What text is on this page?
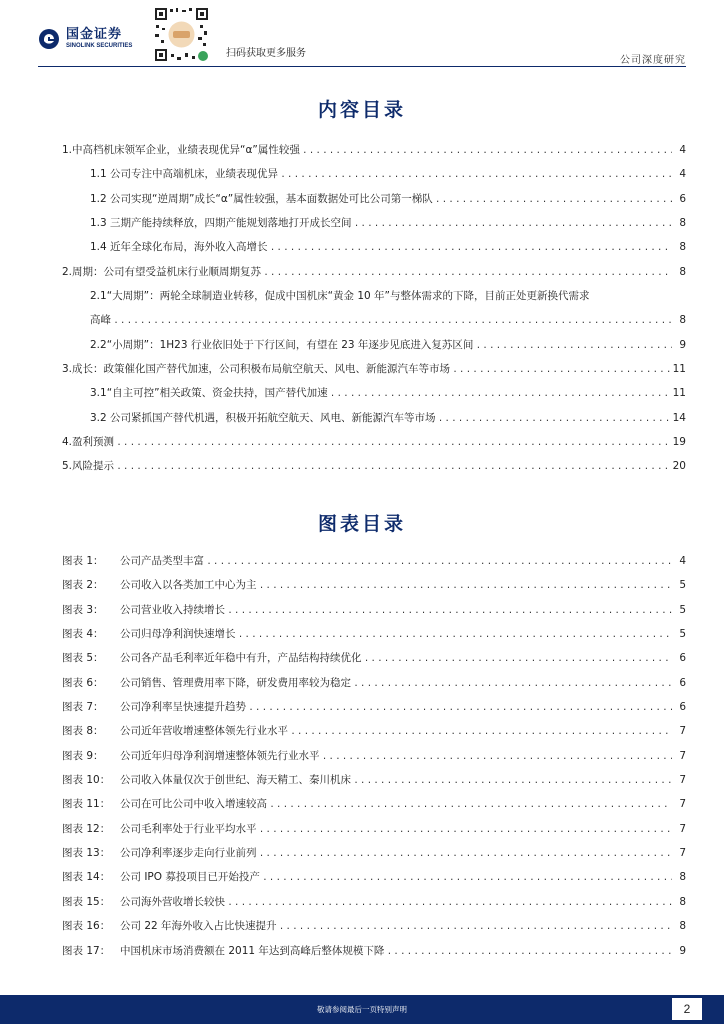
国金证券
SINOLINK SECURITIES
扫码获取更多服务
公司深度研究
内容目录
1.中高档机床领军企业，业绩表现优异“α”属性较强 . . .	4
1.1 公司专注中高端机床，业绩表现优异 . . .	4
1.2 公司实现“逆周期”成长“α”属性较强，基本面数据处可比公司第一梯队 . . .	6
1.3 三期产能持续释放，四期产能规划落地打开成长空间 . . .	8
1.4 近年全球化布局，海外收入高增长 . . .	8
2.周期：公司有望受益机床行业顺周期复苏 . . .	8
2.1“大周期”：两轮全球制造业转移，促成中国机床“黄金 10 年”与整体需求的下降，目前正处更新换代需求
高峰 . . .	8
2.2“小周期”：1H23 行业依旧处于下行区间，有望在 23 年逐步见底进入复苏区间 . . .	9
3.成长：政策催化国产替代加速，公司积极布局航空航天、风电、新能源汽车等市场 . . .	11
3.1“自主可控”相关政策、资金扶持，国产替代加速 . . .	11
3.2 公司紧抓国产替代机遇，积极开拓航空航天、风电、新能源汽车等市场 . . .	14
4.盈利预测 . . .	19
5.风险提示 . . .	20
图表目录
图表 1： 公司产品类型丰富 . . .	4
图表 2： 公司收入以各类加工中心为主 . . .	5
图表 3： 公司营业收入持续增长 . . .	5
图表 4： 公司归母净利润快速增长 . . .	5
图表 5： 公司各产品毛利率近年稳中有升，产品结构持续优化 . . .	6
图表 6： 公司销售、管理费用率下降，研发费用率较为稳定 . . .	6
图表 7： 公司净利率呈快速提升趋势 . . .	6
图表 8： 公司近年营收增速整体领先行业水平 . . .	7
图表 9： 公司近年归母净利润增速整体领先行业水平 . . .	7
图表 10： 公司收入体量仅次于创世纪、海天精工、秦川机床 . . .	7
图表 11： 公司在可比公司中收入增速较高 . . .	7
图表 12： 公司毛利率处于行业平均水平 . . .	7
图表 13： 公司净利率逐步走向行业前列 . . .	7
图表 14： 公司 IPO 募投项目已开始投产 . . .	8
图表 15： 公司海外营收增长较快 . . .	8
图表 16： 公司 22 年海外收入占比快速提升 . . .	8
图表 17： 中国机床市场消费额在 2011 年达到高峰后整体规模下降 . . .	9
敬请参阅最后一页特别声明	2
